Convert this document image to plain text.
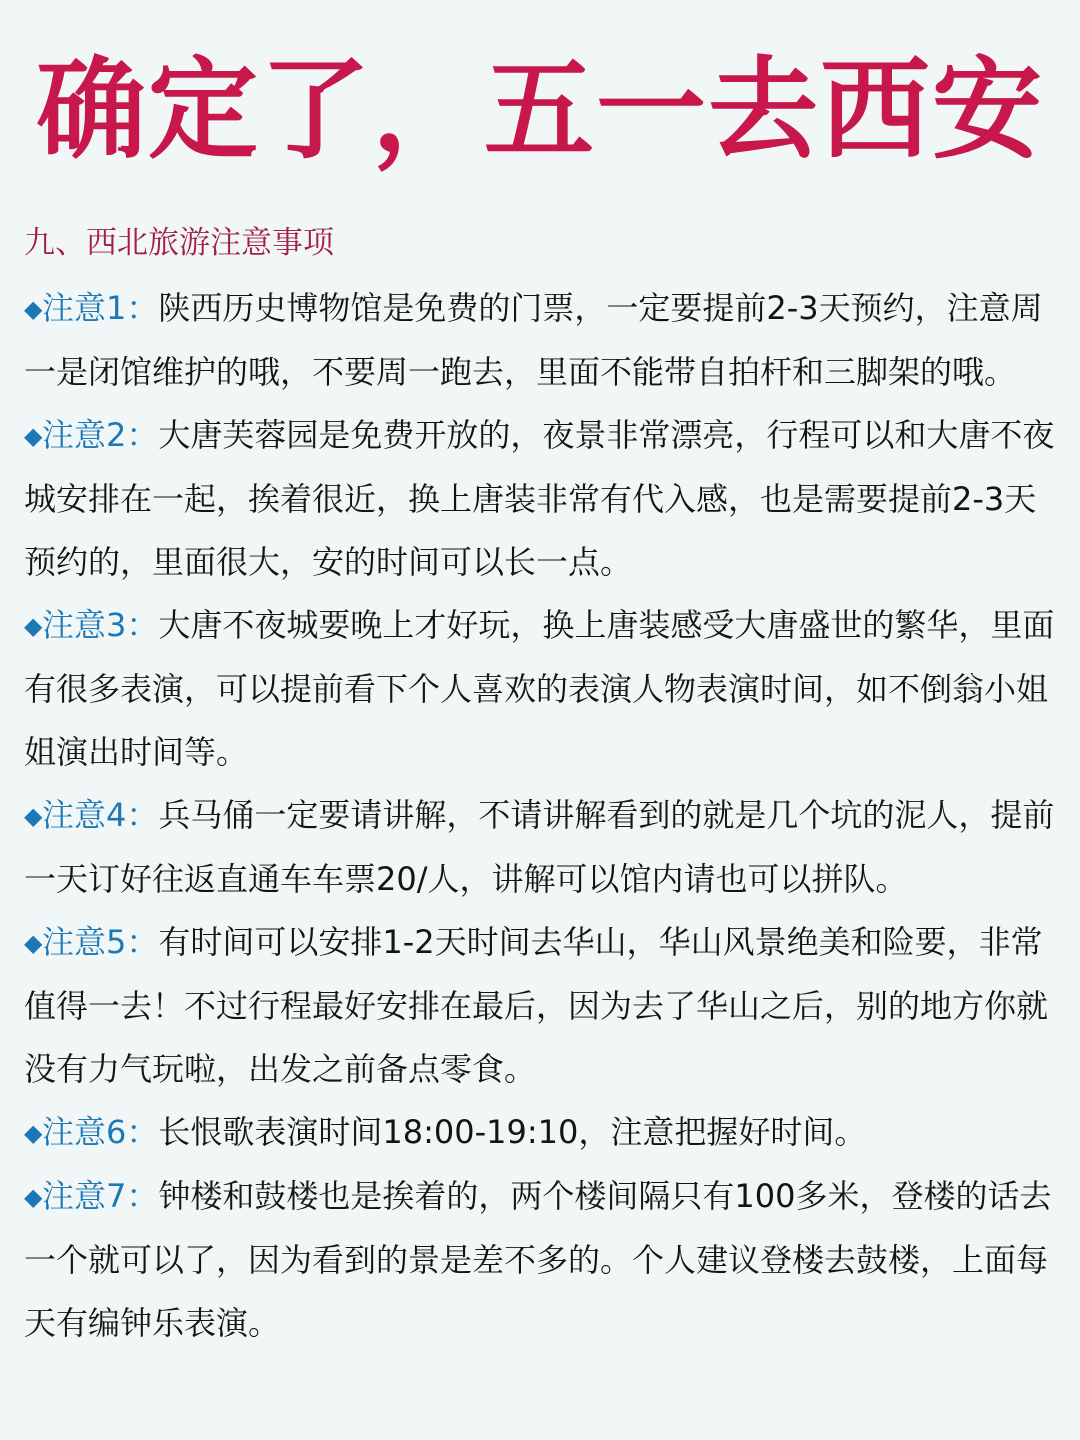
确定了，五一去西安
九、西北旅游注意事项

◆注意1：陕西历史博物馆是免费的门票，一定要提前2-3天预约，注意周一是闭馆维护的哦，不要周一跑去，里面不能带自拍杆和三脚架的哦。

◆注意2：大唐芙蓉园是免费开放的，夜景非常漂亮，行程可以和大唐不夜城安排在一起，挨着很近，换上唐装非常有代入感，也是需要提前2-3天预约的，里面很大，安的时间可以长一点。

◆注意3：大唐不夜城要晚上才好玩，换上唐装感受大唐盛世的繁华，里面有很多表演，可以提前看下个人喜欢的表演人物表演时间，如不倒翁小姐姐演出时间等。

◆注意4：兵马俑一定要请讲解，不请讲解看到的就是几个坑的泥人，提前一天订好往返直通车车票20/人，讲解可以馆内请也可以拼队。

◆注意5：有时间可以安排1-2天时间去华山，华山风景绝美和险要，非常值得一去！不过行程最好安排在最后，因为去了华山之后，别的地方你就没有力气玩啦，出发之前备点零食。

◆注意6：长恨歌表演时间18:00-19:10，注意把握好时间。

◆注意7：钟楼和鼓楼也是挨着的，两个楼间隔只有100多米，登楼的话去一个就可以了，因为看到的景是差不多的。个人建议登楼去鼓楼，上面每天有编钟乐表演。
